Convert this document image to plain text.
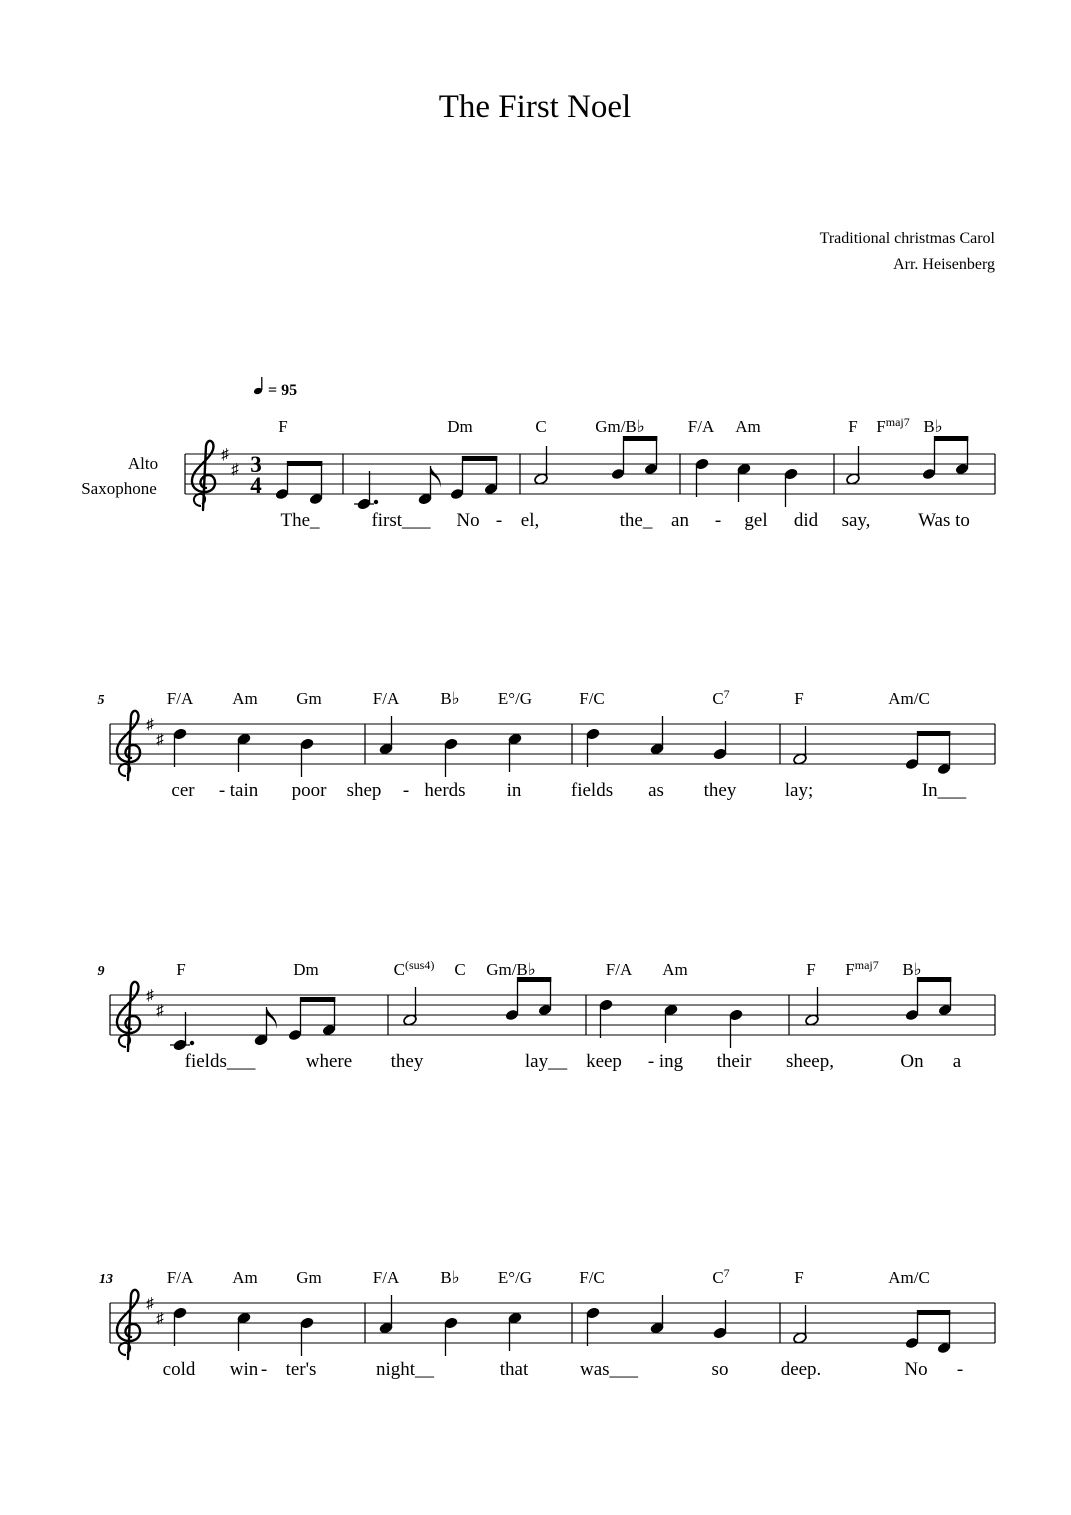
The First Noel
Traditional christmas Carol
Arr. Heisenberg
Alto
Saxophone
= 95
♯
♯ 3
4
F	Dm	C	Gm/B♭	F/A Am	F $F^{maj7}$ B♭
The_	first___ No - el,	the_ an - gel did say,	Was to
♯
♯
5	F/A Am Gm	F/A B♭ E°/G	F/C	$C^7$	F	Am/C
cer - tain poor shep - herds in	fields as they	lay;	In___
♯
♯
9	F	Dm	$C^{(sus4)}$ C Gm/B♭	F/A Am	F $F^{maj7}$ B♭
fields___	where they	lay__ keep - ing their sheep,	On a
♯
♯
13	F/A Am Gm	F/A B♭ E°/G	F/C	$C^7$	F	Am/C
cold win - ter's	night__	that	was___	so	deep.	No -
